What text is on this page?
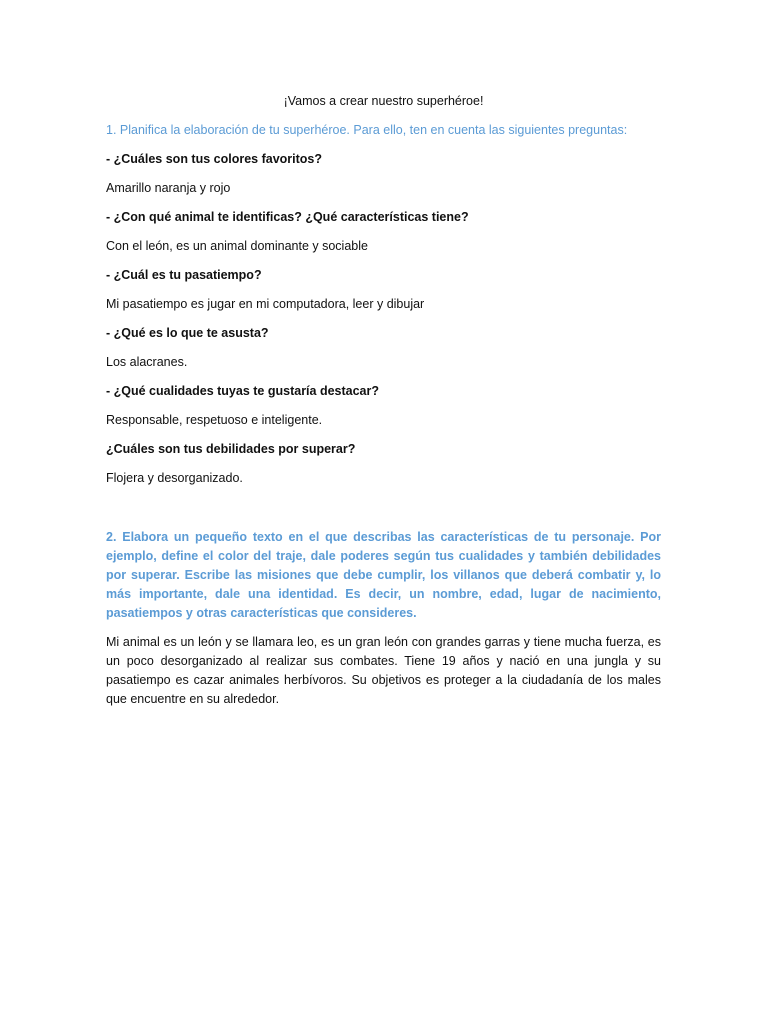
¡Vamos a crear nuestro superhéroe!
1. Planifica la elaboración de tu superhéroe. Para ello, ten en cuenta las siguientes preguntas:
- ¿Cuáles son tus colores favoritos?
Amarillo naranja y rojo
- ¿Con qué animal te identificas? ¿Qué características tiene?
Con el león, es un animal dominante y sociable
- ¿Cuál es tu pasatiempo?
Mi pasatiempo es jugar en mi computadora, leer y dibujar
- ¿Qué es lo que te asusta?
Los alacranes.
- ¿Qué cualidades tuyas te gustaría destacar?
Responsable, respetuoso e inteligente.
¿Cuáles son tus debilidades por superar?
Flojera y desorganizado.
2. Elabora un pequeño texto en el que describas las características de tu personaje. Por ejemplo, define el color del traje, dale poderes según tus cualidades y también debilidades por superar. Escribe las misiones que debe cumplir, los villanos que deberá combatir y, lo más importante, dale una identidad. Es decir, un nombre, edad, lugar de nacimiento, pasatiempos y otras características que consideres.
Mi animal es un león y se llamara leo, es un gran león con grandes garras y tiene mucha fuerza, es un poco desorganizado al realizar sus combates. Tiene 19 años y nació en una jungla y su pasatiempo es cazar animales herbívoros. Su objetivos es proteger a la ciudadanía de los males que encuentre en su alrededor.
